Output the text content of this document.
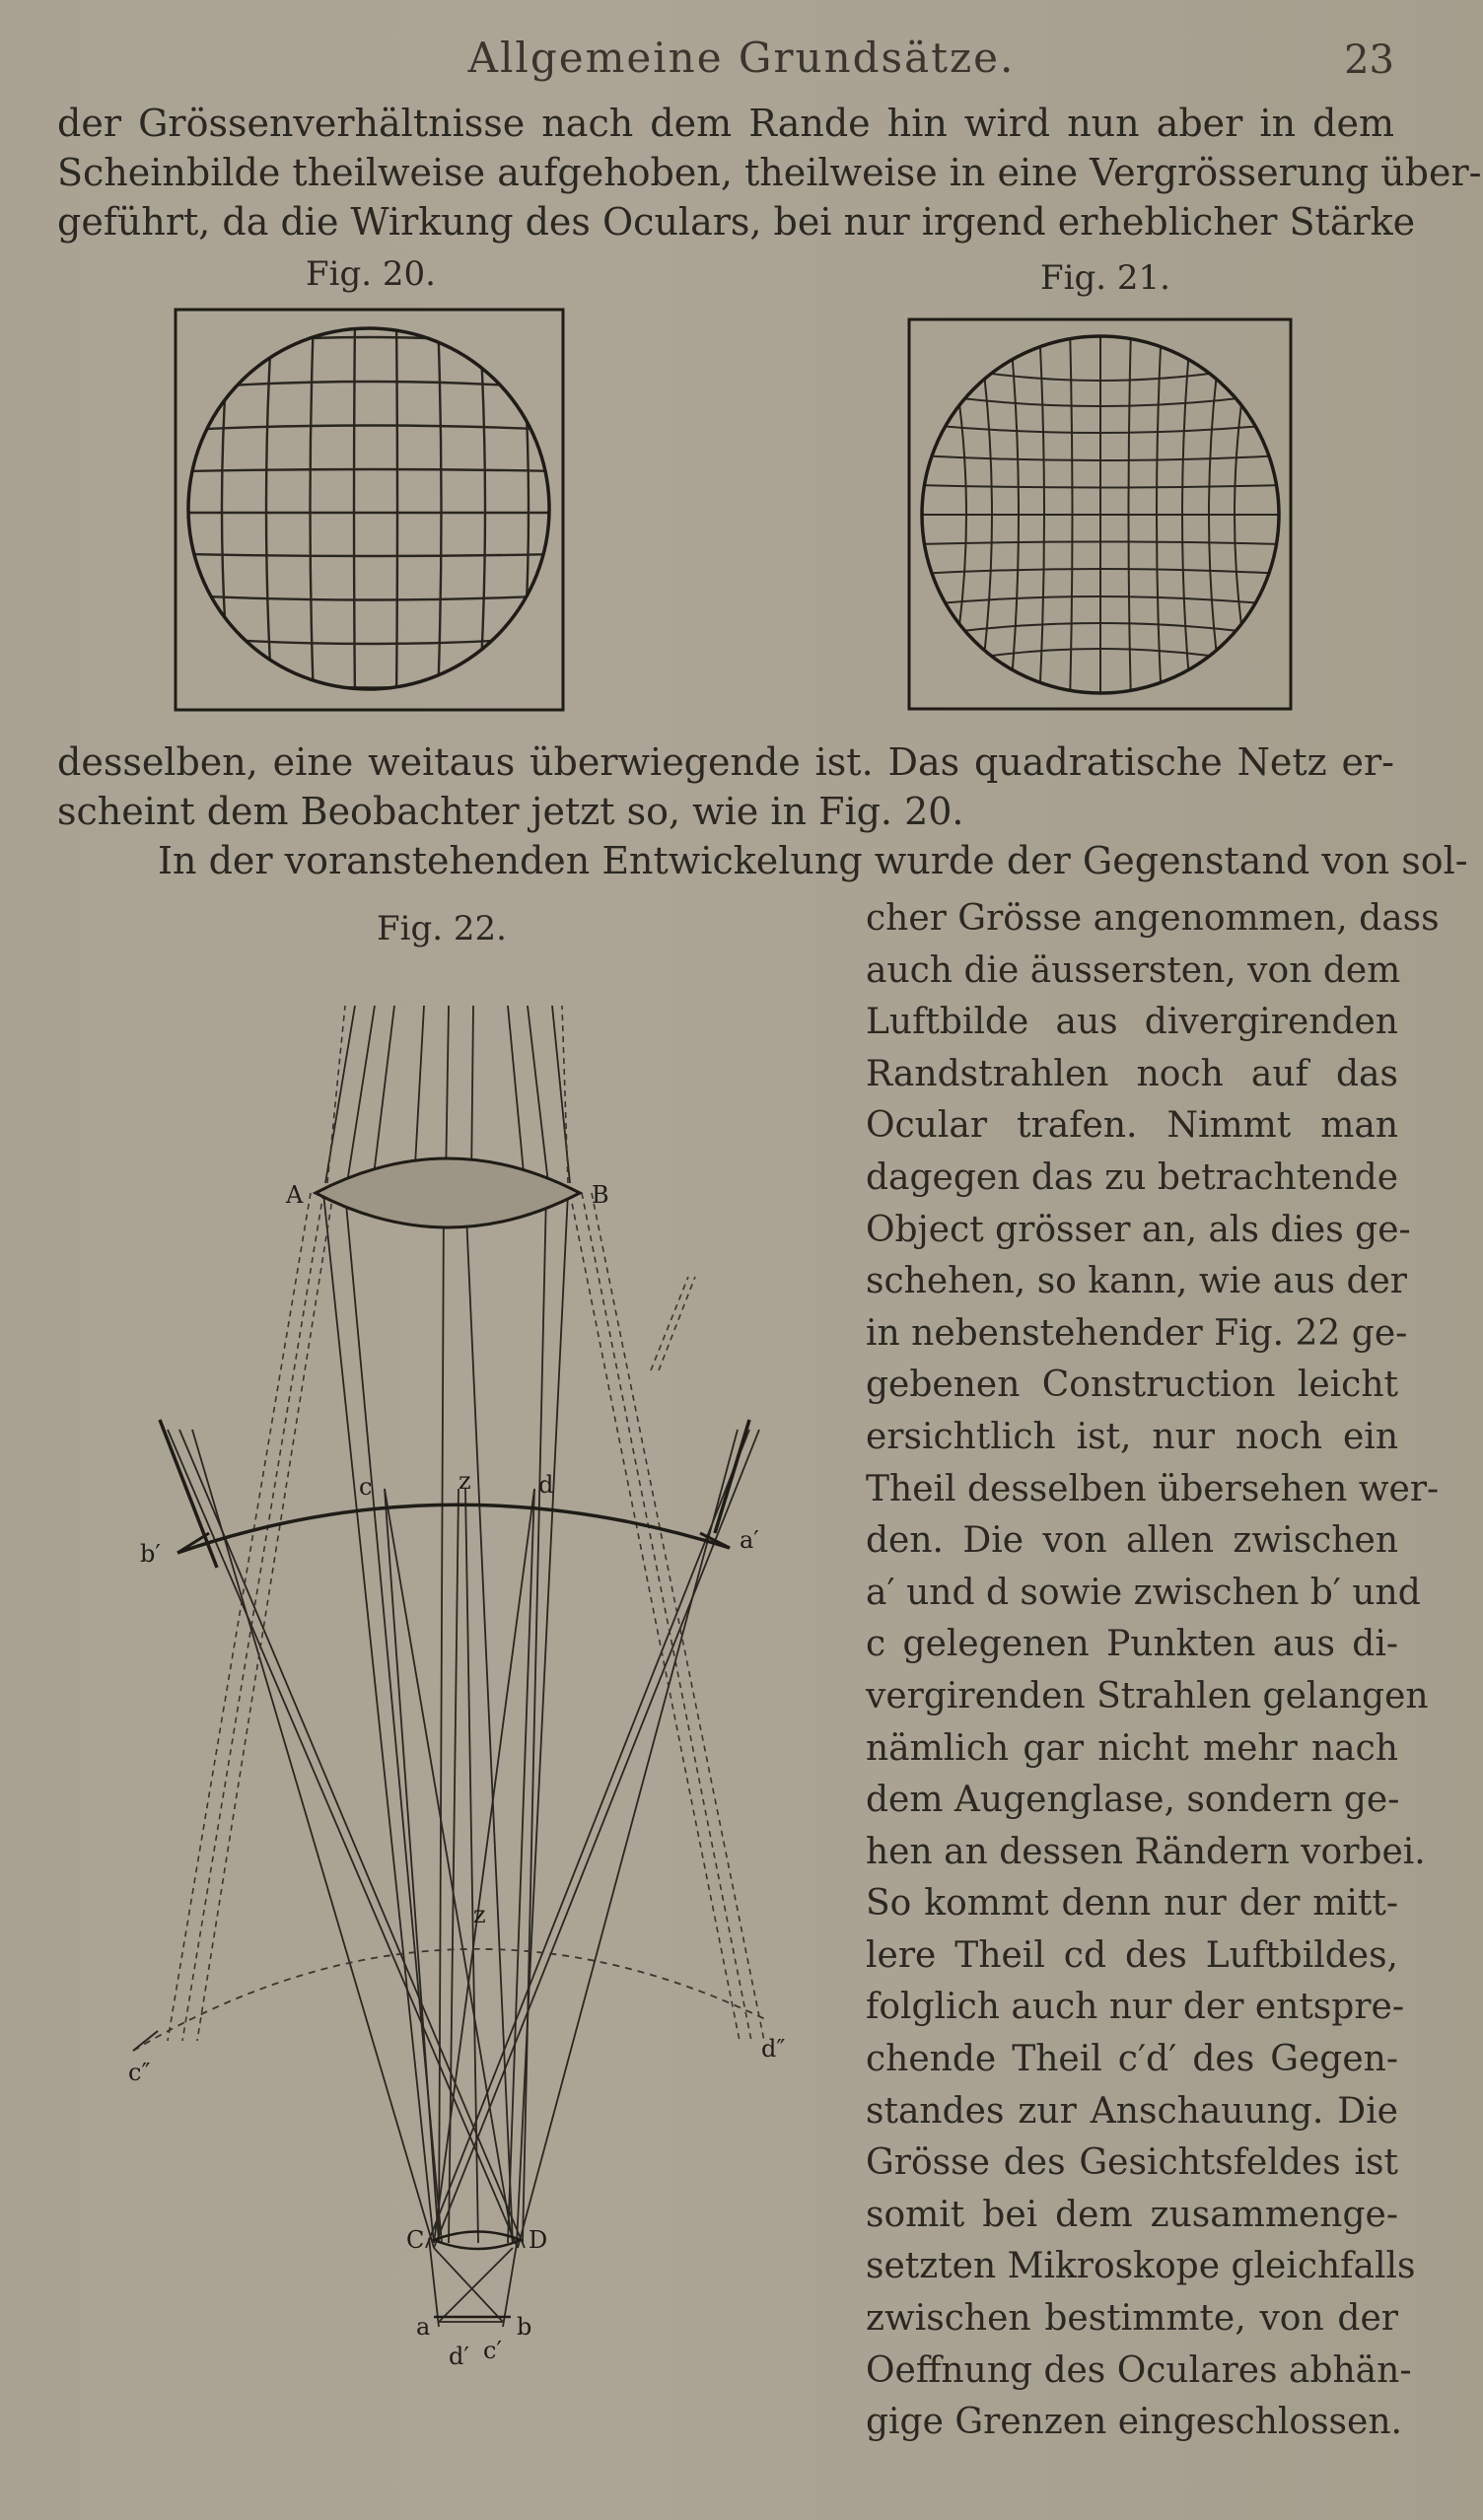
Allgemeine Grundsätze.	23
der Grössenverhältnisse nach dem Rande hin wird nun aber in dem
Scheinbilde theilweise aufgehoben, theilweise in eine Vergrösserung über-
geführt, da die Wirkung des Oculars, bei nur irgend erheblicher Stärke
Fig. 20.	Fig. 21.
desselben, eine weitaus überwiegende ist. Das quadratische Netz er-
scheint dem Beobachter jetzt so, wie in Fig. 20.
In der voranstehenden Entwickelung wurde der Gegenstand von sol-
Fig. 22.
A	B
c	z	d
a′
b′
z
c″
d″
C	D
a	b
d′ c′
cher Grösse angenommen, dass
auch die äussersten, von dem
Luftbilde aus divergirenden
Randstrahlen noch auf das
Ocular trafen. Nimmt man
dagegen das zu betrachtende
Object grösser an, als dies ge-
schehen, so kann, wie aus der
in nebenstehender Fig. 22 ge-
gebenen Construction leicht
ersichtlich ist, nur noch ein
Theil desselben übersehen wer-
den. Die von allen zwischen
a′ und d sowie zwischen b′ und
c gelegenen Punkten aus di-
vergirenden Strahlen gelangen
nämlich gar nicht mehr nach
dem Augenglase, sondern ge-
hen an dessen Rändern vorbei.
So kommt denn nur der mitt-
lere Theil cd des Luftbildes,
folglich auch nur der entspre-
chende Theil c′d′ des Gegen-
standes zur Anschauung. Die
Grösse des Gesichtsfeldes ist
somit bei dem zusammenge-
setzten Mikroskope gleichfalls
zwischen bestimmte, von der
Oeffnung des Oculares abhän-
gige Grenzen eingeschlossen.
